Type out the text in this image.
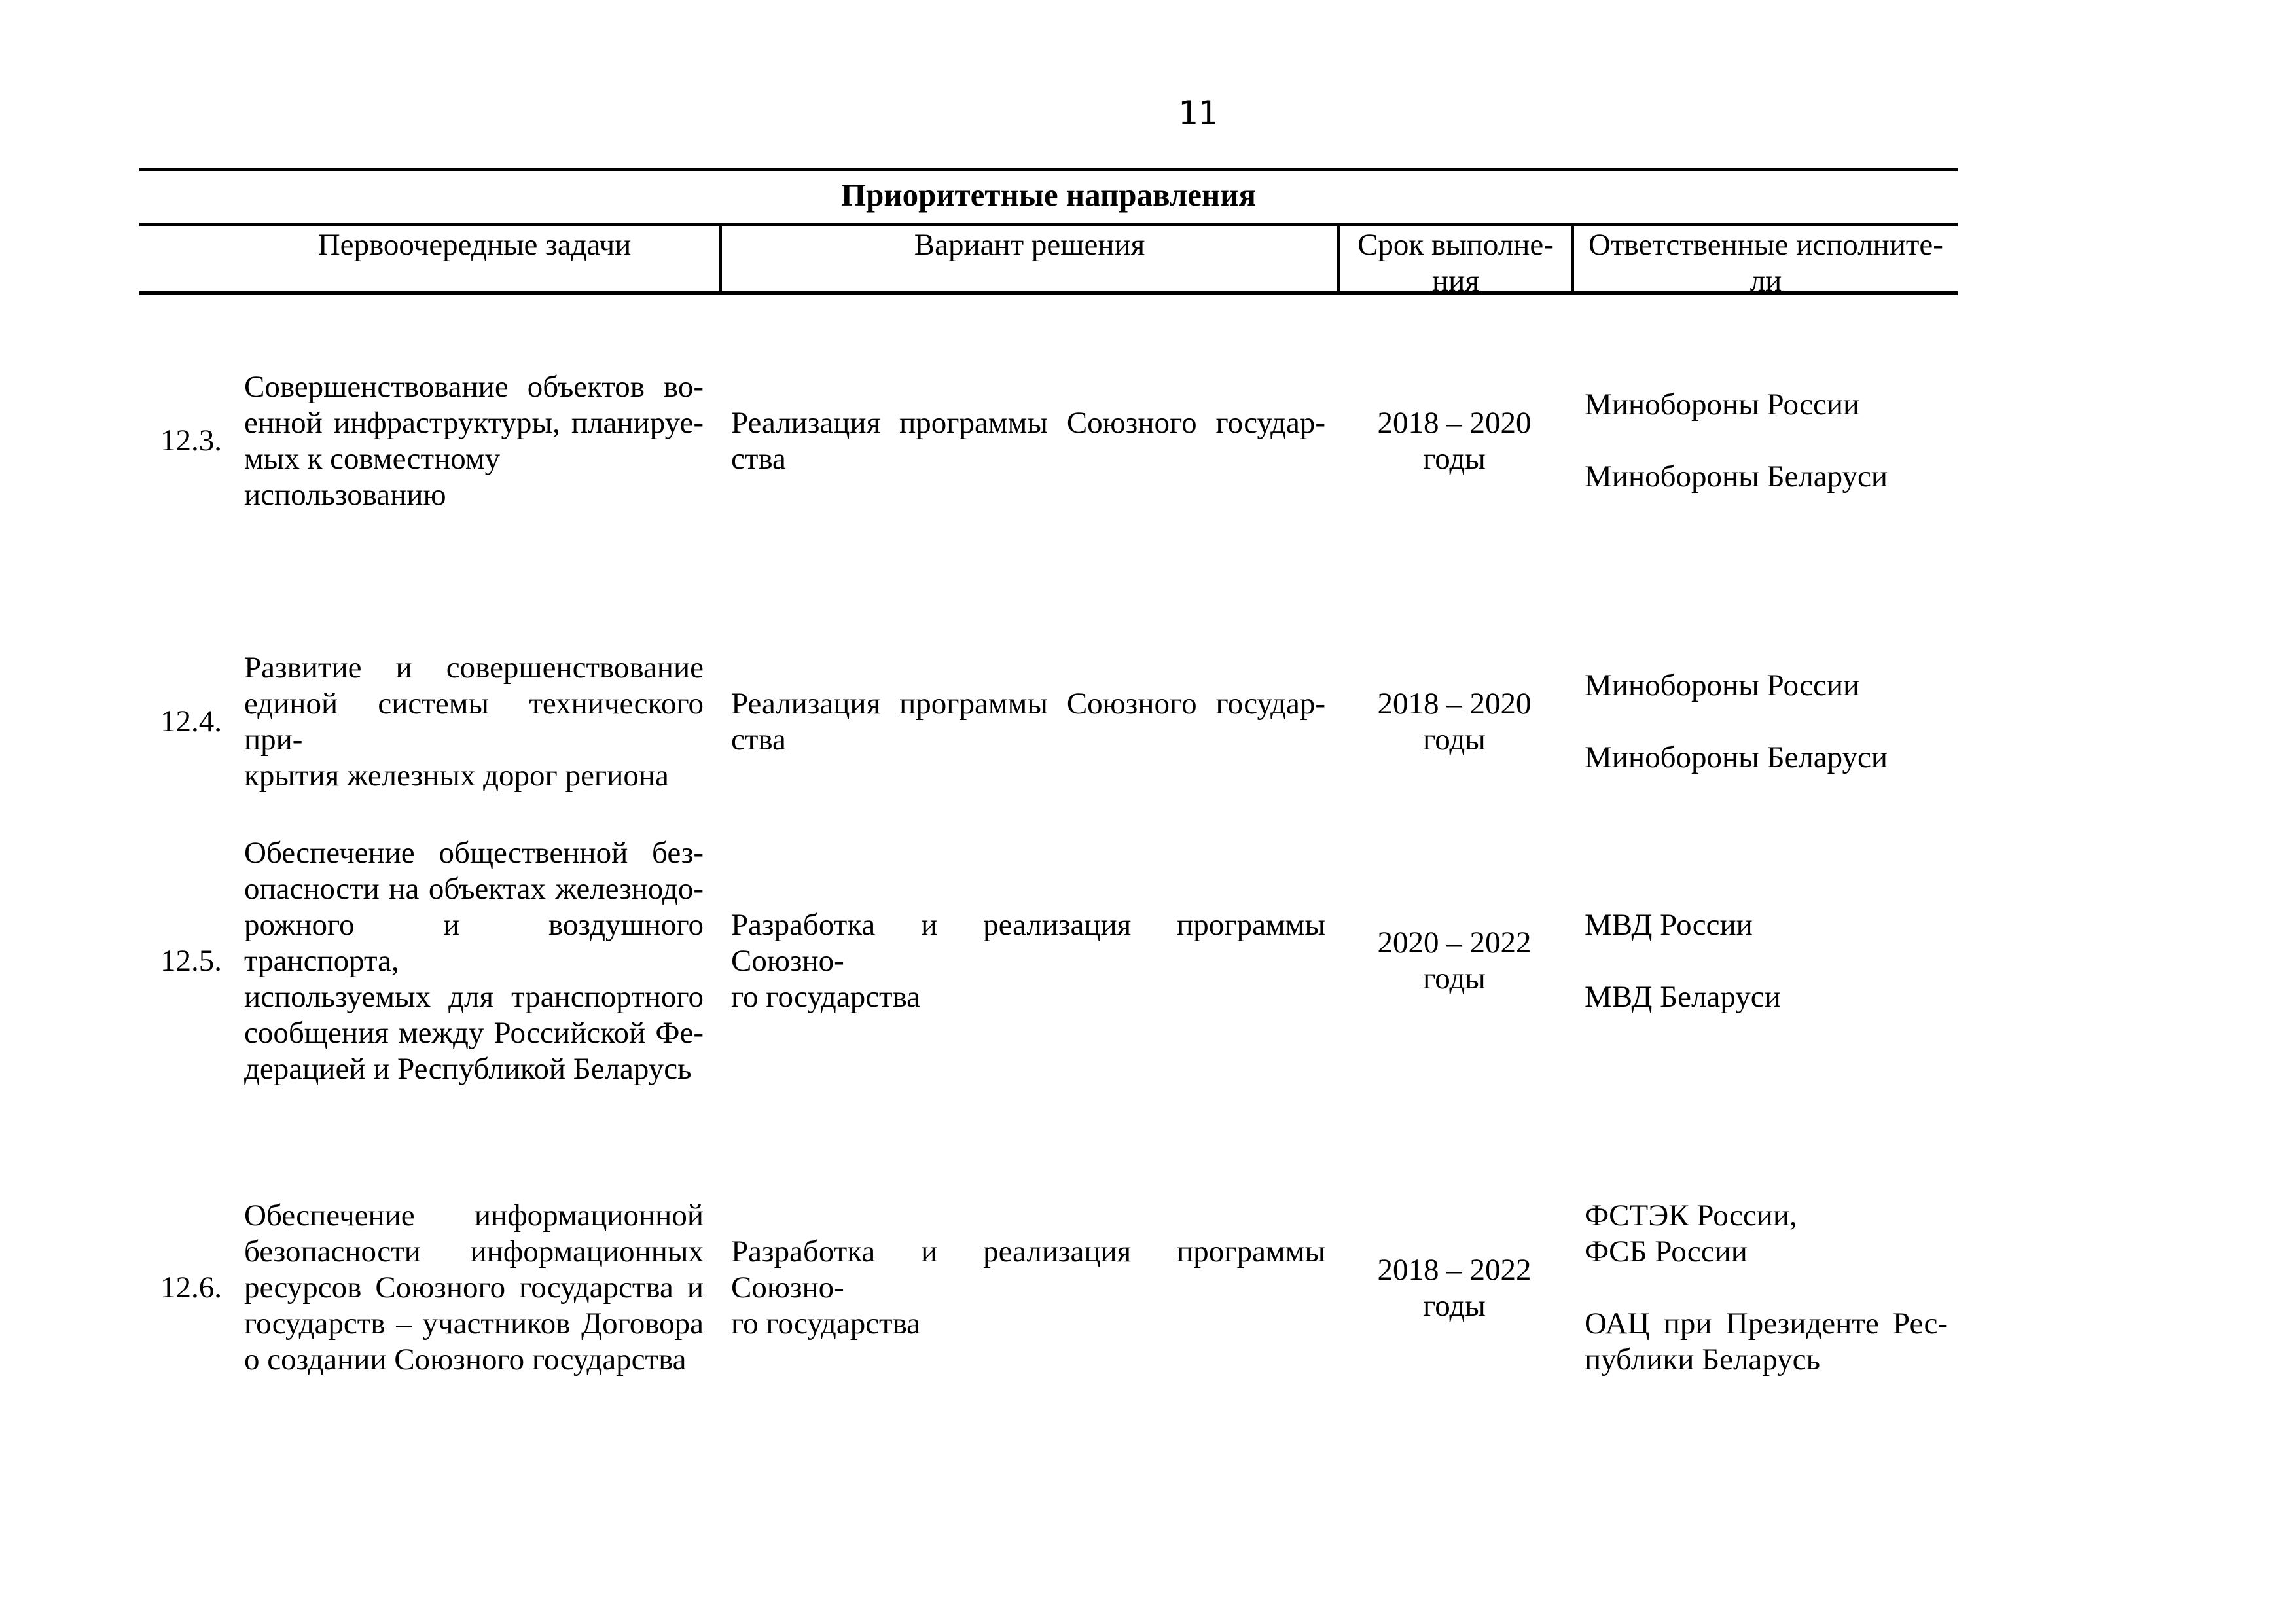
11
Приоритетные направления
Первоочередные задачи	Вариант решения	Срок выполне-
ния
Ответственные исполните-
ли
12.3.
Совершенствование объектов во-
енной инфраструктуры, планируе-
мых к совместному использованию
Реализация программы Союзного государ-
ства
2018 – 2020
годы
Минобороны России
Минобороны Беларуси
12.4.
Развитие и совершенствование
единой системы технического при-
крытия железных дорог региона
Реализация программы Союзного государ-
ства
2018 – 2020
годы
Минобороны России
Минобороны Беларуси
12.5.
Обеспечение общественной без-
опасности на объектах железнодо-
рожного и воздушного транспорта,
используемых для транспортного
сообщения между Российской Фе-
дерацией и Республикой Беларусь
Разработка и реализация программы Союзно-
го государства
2020 – 2022
годы
МВД России
МВД Беларуси
12.6.
Обеспечение информационной
безопасности информационных
ресурсов Союзного государства и
государств – участников Договора
о создании Союзного государства
Разработка и реализация программы Союзно-
го государства
2018 – 2022
годы
ФСТЭК России,
ФСБ России
ОАЦ при Президенте Рес-
публики Беларусь
